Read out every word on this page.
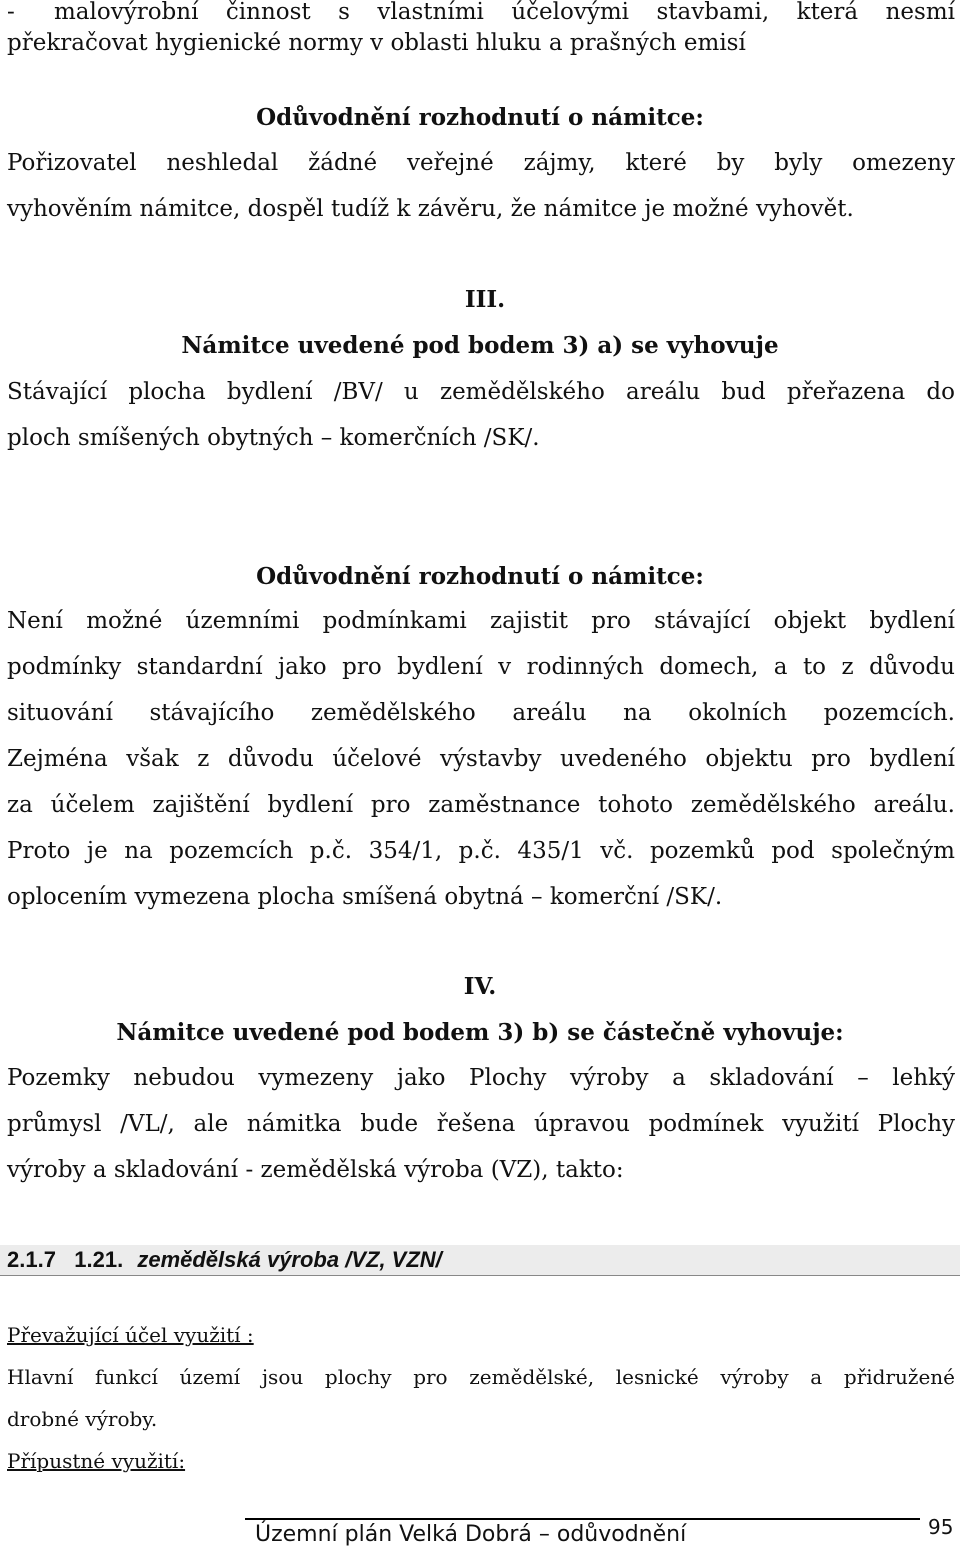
- malovýrobní činnost s vlastními účelovými stavbami, která nesmí

překračovat hygienické normy v oblasti hluku a prašných emisí

Odůvodnění rozhodnutí o námitce:

Pořizovatel neshledal žádné veřejné zájmy, které by byly omezeny
vyhověním námitce, dospěl tudíž k závěru, že námitce je možné vyhovět.

III.
Námitce uvedené pod bodem 3) a) se vyhovuje

Stávající plocha bydlení /BV/ u zemědělského areálu bud přeřazena do
ploch smíšených obytných – komerčních /SK/.

Odůvodnění rozhodnutí o námitce:

Není možné územními podmínkami zajistit pro stávající objekt bydlení
podmínky standardní jako pro bydlení v rodinných domech, a to z důvodu
situování stávajícího zemědělského areálu na okolních pozemcích.
Zejména však z důvodu účelové výstavby uvedeného objektu pro bydlení
za účelem zajištění bydlení pro zaměstnance tohoto zemědělského areálu.
Proto je na pozemcích p.č. 354/1, p.č. 435/1 vč. pozemků pod společným
oplocením vymezena plocha smíšená obytná – komerční /SK/.

IV.
Námitce uvedené pod bodem 3) b) se částečně vyhovuje:

Pozemky nebudou vymezeny jako Plochy výroby a skladování – lehký
průmysl /VL/, ale námitka bude řešena úpravou podmínek využití Plochy
výroby a skladování - zemědělská výroba (VZ), takto:

2.1.7   1.21. zemědělská výroba /VZ, VZN/
Převažující účel využití :

Hlavní funkcí území jsou plochy pro zemědělské, lesnické výroby a přidružené
drobné výroby.

Přípustné využití:
Územní plán Velká Dobrá – odůvodnění	95
